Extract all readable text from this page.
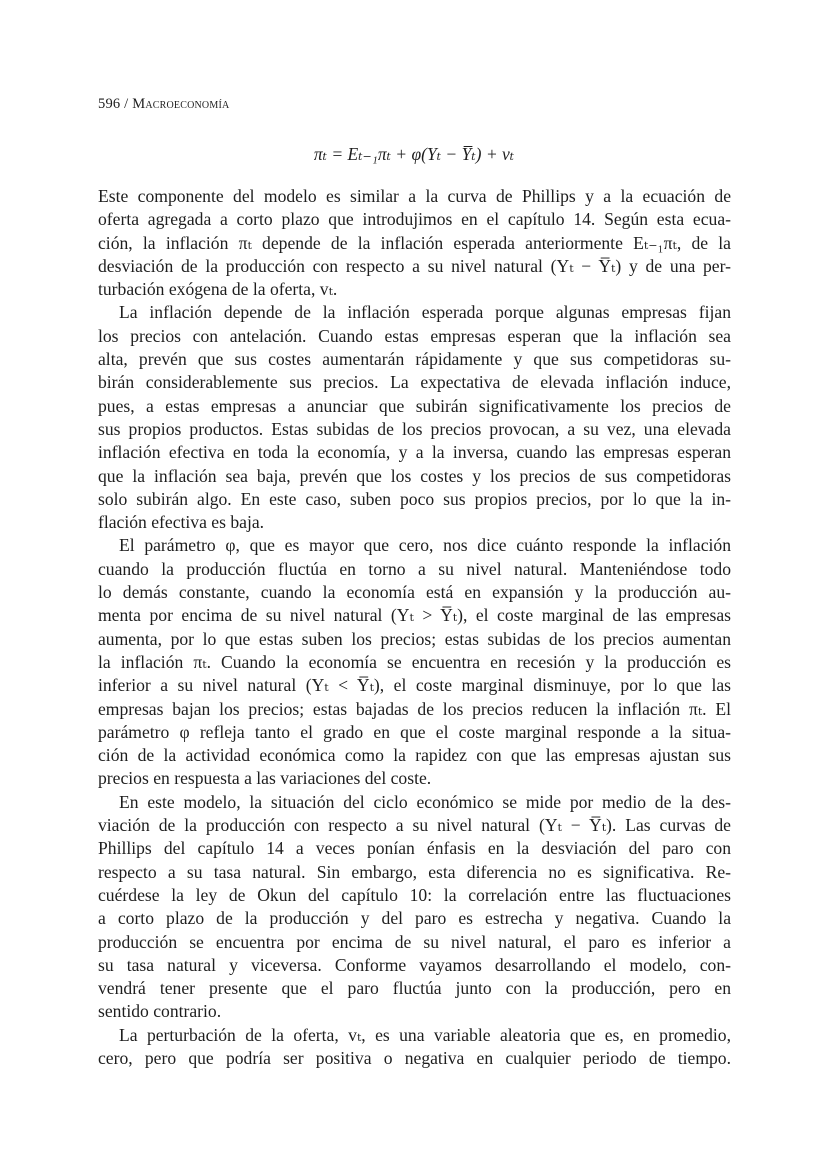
596 / Macroeconomía
πₜ = Eₜ₋₁πₜ + φ(Yₜ − Y̅ₜ) + vₜ
Este componente del modelo es similar a la curva de Phillips y a la ecuación de
oferta agregada a corto plazo que introdujimos en el capítulo 14. Según esta ecua-
ción, la inflación πₜ depende de la inflación esperada anteriormente Eₜ₋₁πₜ, de la
desviación de la producción con respecto a su nivel natural (Yₜ − Y̅ₜ) y de una per-
turbación exógena de la oferta, vₜ.
La inflación depende de la inflación esperada porque algunas empresas fijan
los precios con antelación. Cuando estas empresas esperan que la inflación sea
alta, prevén que sus costes aumentarán rápidamente y que sus competidoras su-
birán considerablemente sus precios. La expectativa de elevada inflación induce,
pues, a estas empresas a anunciar que subirán significativamente los precios de
sus propios productos. Estas subidas de los precios provocan, a su vez, una elevada
inflación efectiva en toda la economía, y a la inversa, cuando las empresas esperan
que la inflación sea baja, prevén que los costes y los precios de sus competidoras
solo subirán algo. En este caso, suben poco sus propios precios, por lo que la in-
flación efectiva es baja.
El parámetro φ, que es mayor que cero, nos dice cuánto responde la inflación
cuando la producción fluctúa en torno a su nivel natural. Manteniéndose todo
lo demás constante, cuando la economía está en expansión y la producción au-
menta por encima de su nivel natural (Yₜ > Y̅ₜ), el coste marginal de las empresas
aumenta, por lo que estas suben los precios; estas subidas de los precios aumentan
la inflación πₜ. Cuando la economía se encuentra en recesión y la producción es
inferior a su nivel natural (Yₜ < Y̅ₜ), el coste marginal disminuye, por lo que las
empresas bajan los precios; estas bajadas de los precios reducen la inflación πₜ. El
parámetro φ refleja tanto el grado en que el coste marginal responde a la situa-
ción de la actividad económica como la rapidez con que las empresas ajustan sus
precios en respuesta a las variaciones del coste.
En este modelo, la situación del ciclo económico se mide por medio de la des-
viación de la producción con respecto a su nivel natural (Yₜ − Y̅ₜ). Las curvas de
Phillips del capítulo 14 a veces ponían énfasis en la desviación del paro con
respecto a su tasa natural. Sin embargo, esta diferencia no es significativa. Re-
cuérdese la ley de Okun del capítulo 10: la correlación entre las fluctuaciones
a corto plazo de la producción y del paro es estrecha y negativa. Cuando la
producción se encuentra por encima de su nivel natural, el paro es inferior a
su tasa natural y viceversa. Conforme vayamos desarrollando el modelo, con-
vendrá tener presente que el paro fluctúa junto con la producción, pero en
sentido contrario.
La perturbación de la oferta, vₜ, es una variable aleatoria que es, en promedio,
cero, pero que podría ser positiva o negativa en cualquier periodo de tiempo.
